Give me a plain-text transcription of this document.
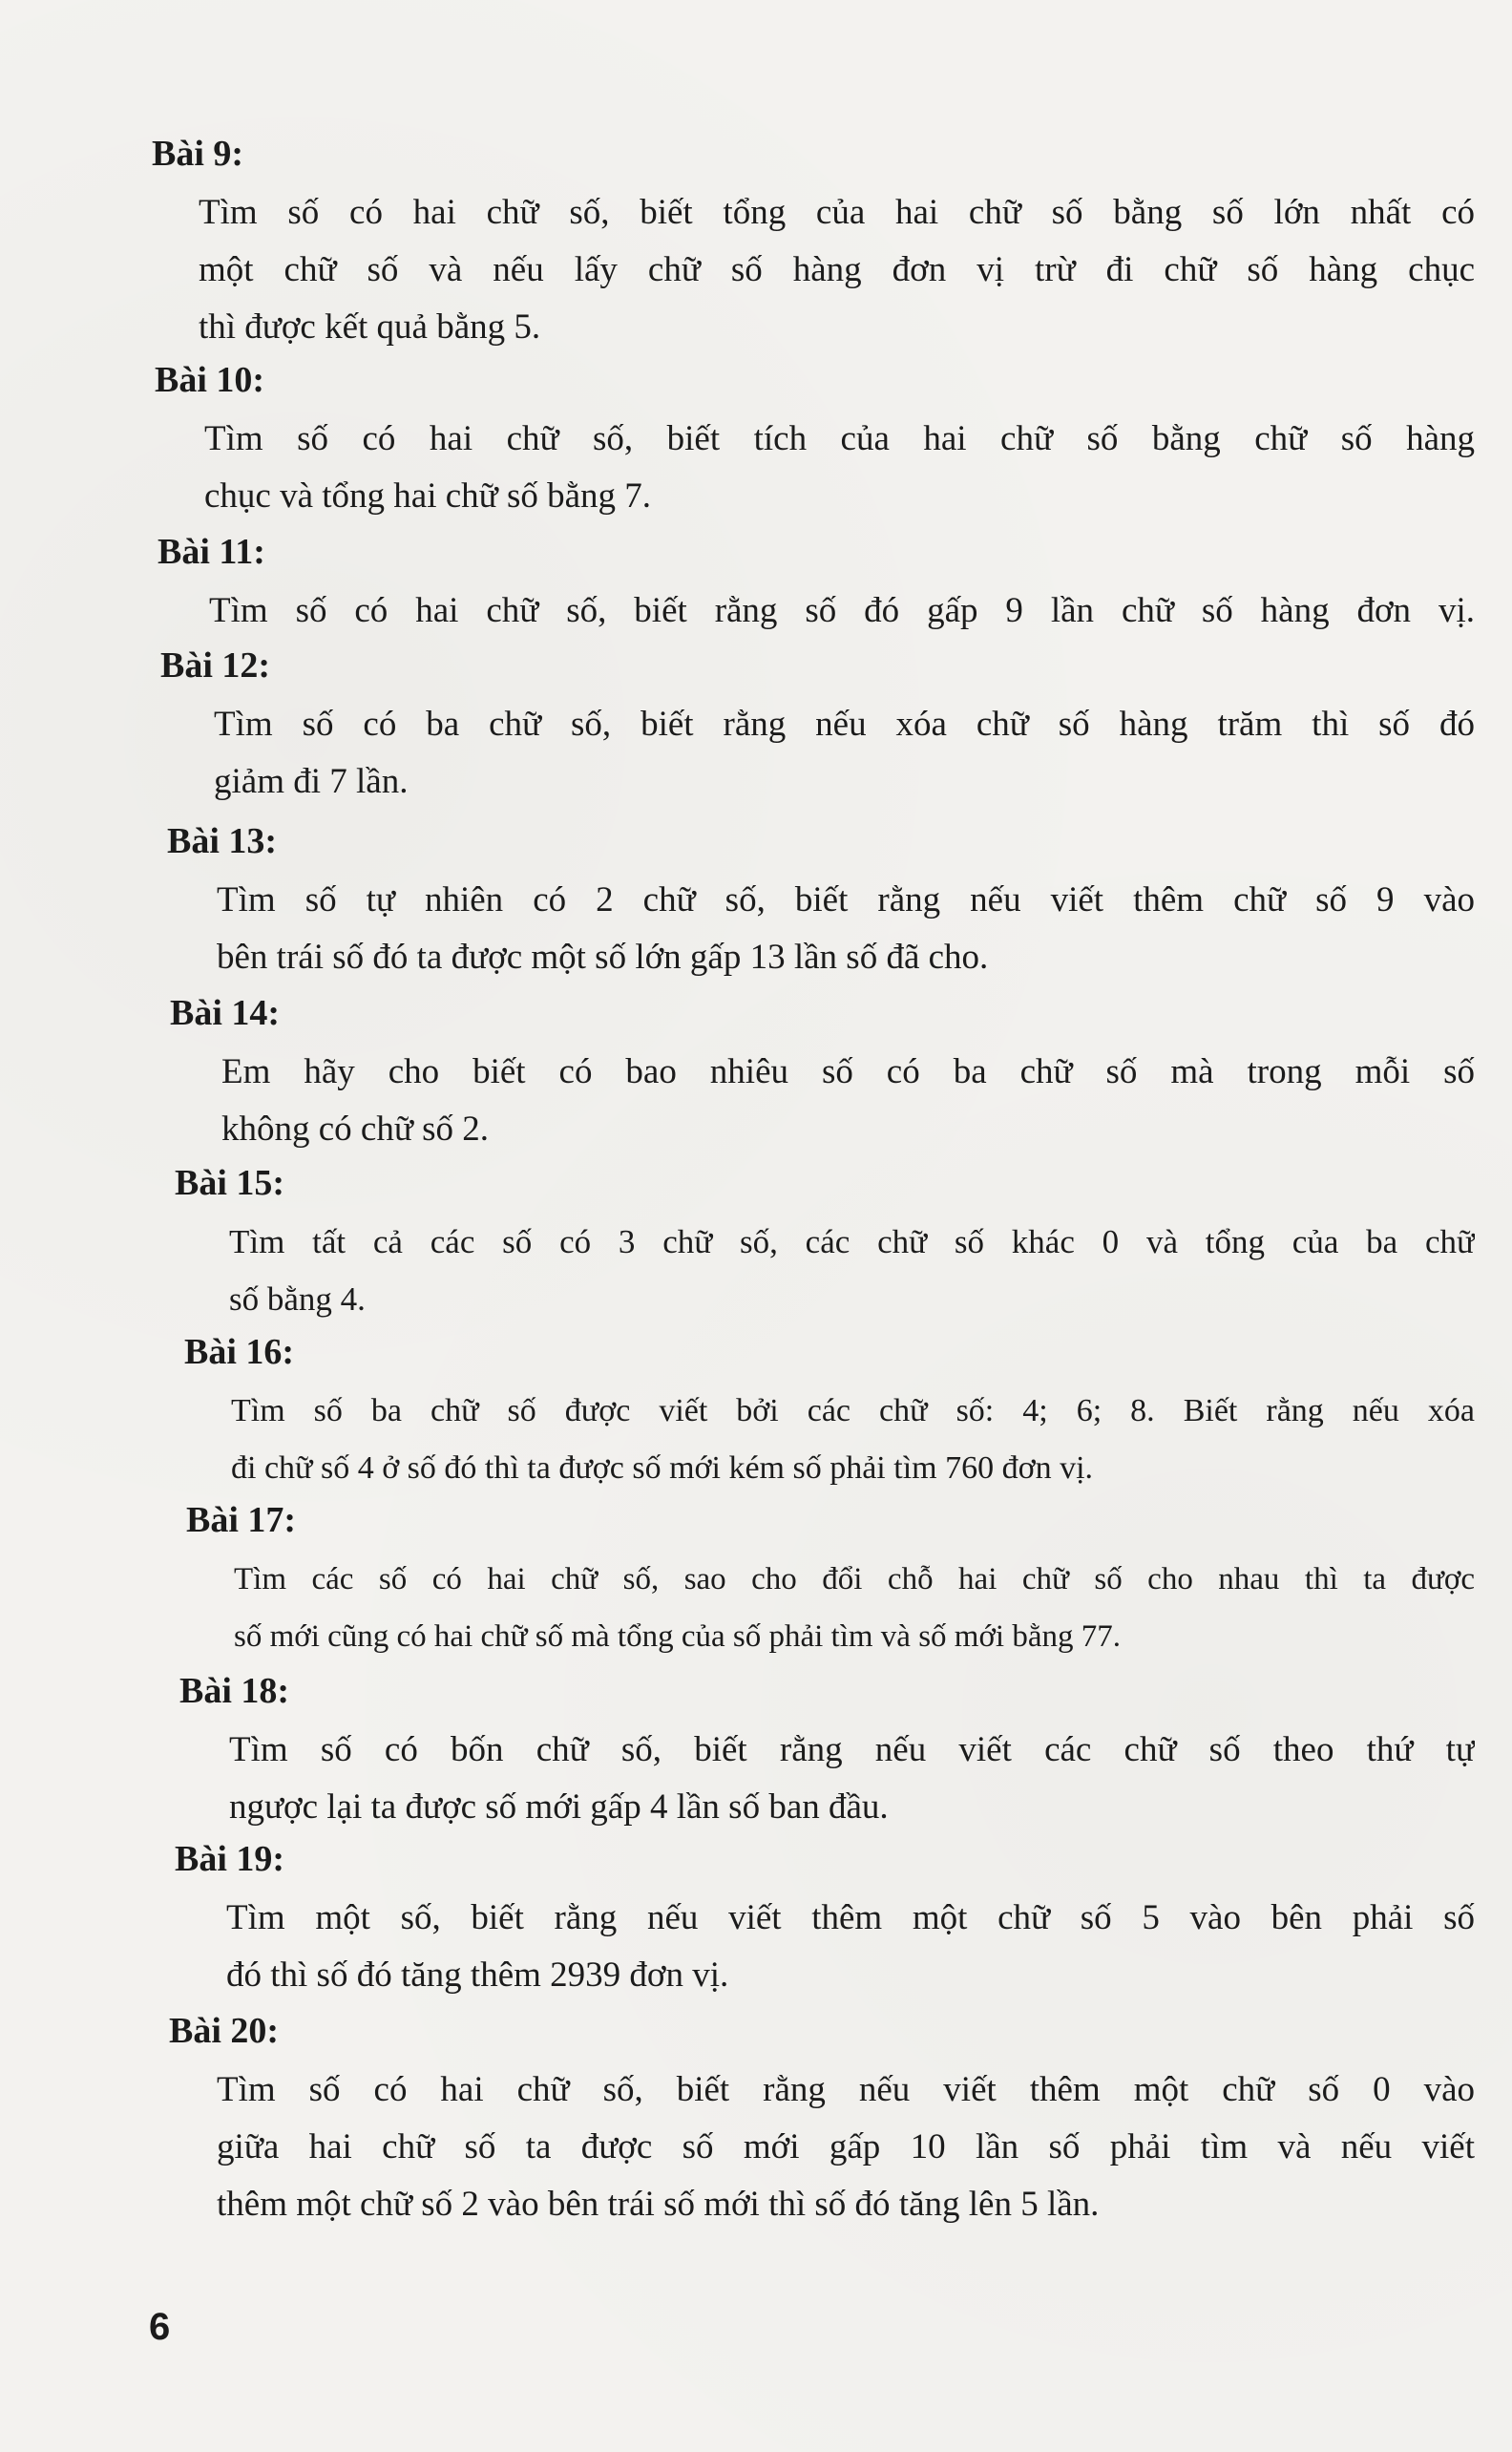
Bài 9:
Tìm số có hai chữ số, biết tổng của hai chữ số bằng số lớn nhất có
một chữ số và nếu lấy chữ số hàng đơn vị trừ đi chữ số hàng chục
thì được kết quả bằng 5.
Bài 10:
Tìm số có hai chữ số, biết tích của hai chữ số bằng chữ số hàng
chục và tổng hai chữ số bằng 7.
Bài 11:
Tìm số có hai chữ số, biết rằng số đó gấp 9 lần chữ số hàng đơn vị.
Bài 12:
Tìm số có ba chữ số, biết rằng nếu xóa chữ số hàng trăm thì số đó
giảm đi 7 lần.
Bài 13:
Tìm số tự nhiên có 2 chữ số, biết rằng nếu viết thêm chữ số 9 vào
bên trái số đó ta được một số lớn gấp 13 lần số đã cho.
Bài 14:
Em hãy cho biết có bao nhiêu số có ba chữ số mà trong mỗi số
không có chữ số 2.
Bài 15:
Tìm tất cả các số có 3 chữ số, các chữ số khác 0 và tổng của ba chữ
số bằng 4.
Bài 16:
Tìm số ba chữ số được viết bởi các chữ số: 4; 6; 8. Biết rằng nếu xóa
đi chữ số 4 ở số đó thì ta được số mới kém số phải tìm 760 đơn vị.
Bài 17:
Tìm các số có hai chữ số, sao cho đổi chỗ hai chữ số cho nhau thì ta được
số mới cũng có hai chữ số mà tổng của số phải tìm và số mới bằng 77.
Bài 18:
Tìm số có bốn chữ số, biết rằng nếu viết các chữ số theo thứ tự
ngược lại ta được số mới gấp 4 lần số ban đầu.
Bài 19:
Tìm một số, biết rằng nếu viết thêm một chữ số 5 vào bên phải số
đó thì số đó tăng thêm 2939 đơn vị.
Bài 20:
Tìm số có hai chữ số, biết rằng nếu viết thêm một chữ số 0 vào
giữa hai chữ số ta được số mới gấp 10 lần số phải tìm và nếu viết
thêm một chữ số 2 vào bên trái số mới thì số đó tăng lên 5 lần.
6
